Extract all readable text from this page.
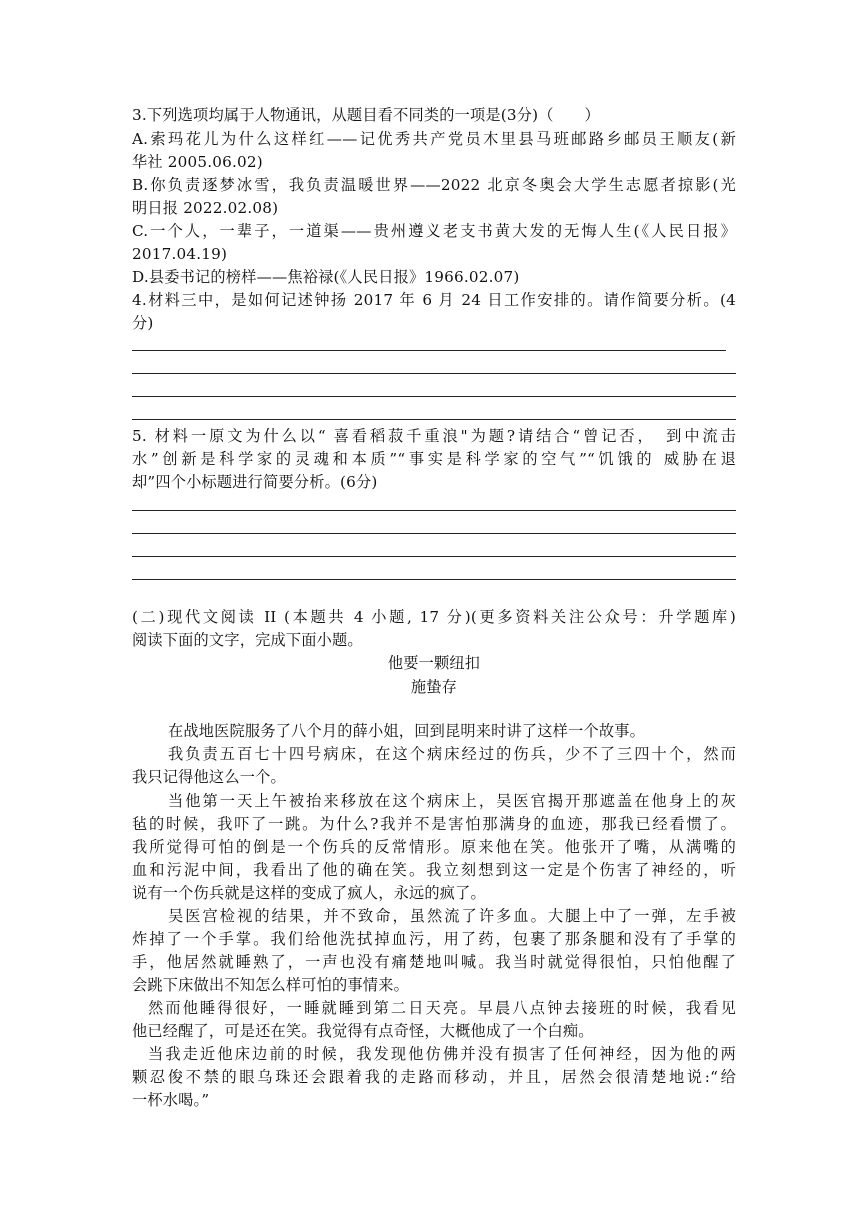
3.下列选项均属于人物通讯，从题目看不同类的一项是(3分)（　　）
A.索玛花儿为什么这样红——记优秀共产党员木里县马班邮路乡邮员王顺友(新
华社 2005.06.02)
B.你负责逐梦冰雪，我负责温暖世界——2022 北京冬奥会大学生志愿者掠影(光
明日报 2022.02.08)
C.一个人，一辈子，一道渠——贵州遵义老支书黄大发的无悔人生(《人民日报》
2017.04.19)
D.县委书记的榜样——焦裕禄(《人民日报》1966.02.07)
4.材料三中，是如何记述钟扬 2017 年 6 月 24 日工作安排的。请作简要分析。(4
分)
5. 材料一原文为什么以“ 喜看稻菽千重浪"为题?请结合“曾记否，　到中流击
水”创新是科学家的灵魂和本质”“事实是科学家的空气”“饥饿的 威胁在退
却”四个小标题进行简要分析。(6分)
(二)现代文阅读 II (本题共 4 小题, 17 分)(更多资料关注公众号：升学题库)
阅读下面的文字，完成下面小题。
他要一颗纽扣
施蛰存
在战地医院服务了八个月的薛小姐，回到昆明来时讲了这样一个故事。
我负责五百七十四号病床，在这个病床经过的伤兵，少不了三四十个，然而
我只记得他这么一个。
当他第一天上午被抬来移放在这个病床上，吴医官揭开那遮盖在他身上的灰
毡的时候，我吓了一跳。为什么?我并不是害怕那满身的血迹，那我已经看惯了。
我所觉得可怕的倒是一个伤兵的反常情形。原来他在笑。他张开了嘴，从满嘴的
血和污泥中间，我看出了他的确在笑。我立刻想到这一定是个伤害了神经的，听
说有一个伤兵就是这样的变成了疯人，永远的疯了。
吴医宫检视的结果，并不致命，虽然流了许多血。大腿上中了一弹，左手被
炸掉了一个手掌。我们给他洗拭掉血污，用了药，包裹了那条腿和没有了手掌的
手，他居然就睡熟了，一声也没有痛楚地叫喊。我当时就觉得很怕，只怕他醒了
会跳下床做出不知怎么样可怕的事情来。
然而他睡得很好，一睡就睡到第二日天亮。早晨八点钟去接班的时候，我看见
他已经醒了，可是还在笑。我觉得有点奇怪，大概他成了一个白痴。
当我走近他床边前的时候，我发现他仿佛并没有损害了任何神经，因为他的两
颗忍俊不禁的眼乌珠还会跟着我的走路而移动，并且，居然会很清楚地说:“给
一杯水喝。”
